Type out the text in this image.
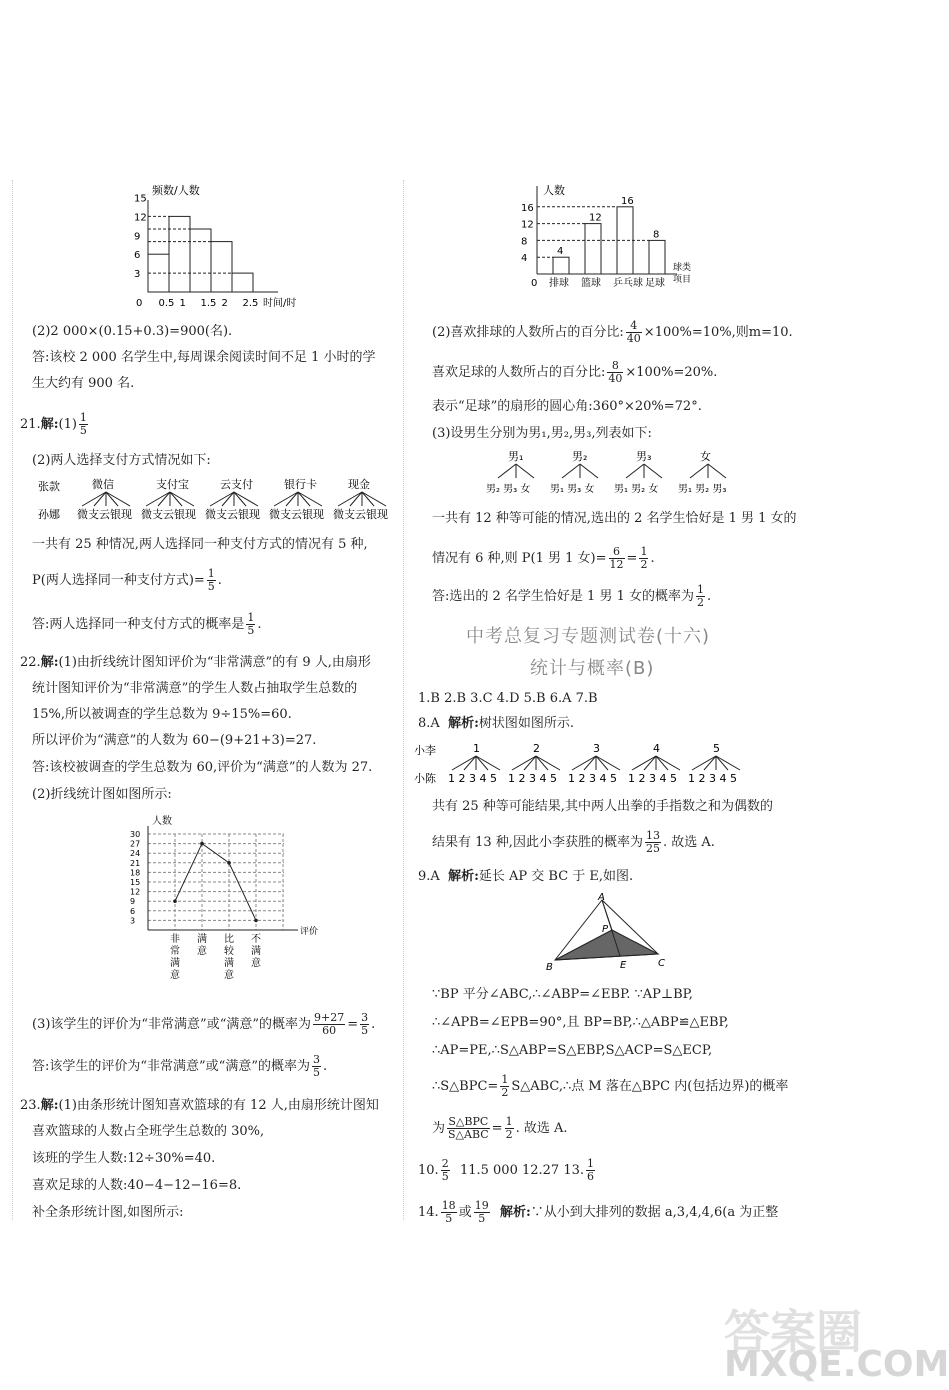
频数/人数
15
12
9
6
3
0 0.5 1 1.5 2 2.5 时间/时
(2)2 000×(0.15+0.3)=900(名).
答:该校 2 000 名学生中,每周课余阅读时间不足 1 小时的学
生大约有 900 名.
21.解:(1) $\frac{1}{5}$
(2)两人选择支付方式情况如下:
张款
孙娜
微信
微支云银现
支付宝
微支云银现
云支付
微支云银现
银行卡
微支云银现
现金
微支云银现
一共有 25 种情况,两人选择同一种支付方式的情况有 5 种,
P(两人选择同一种支付方式)= $\frac{1}{5}$ .
答:两人选择同一种支付方式的概率是 $\frac{1}{5}$ .
22.解:(1)由折线统计图知评价为“非常满意”的有 9 人,由扇形
统计图知评价为“非常满意”的学生人数占抽取学生总数的
15%,所以被调查的学生总数为 9÷15%=60.
所以评价为“满意”的人数为 60−(9+21+3)=27.
答:该校被调查的学生总数为 60,评价为“满意”的人数为 27.
(2)折线统计图如图所示:
人数
30
27
24
21
18
15
12
9
6
3
非常满意
满意
比较满意
不满意
评价
(3)该学生的评价为“非常满意”或“满意”的概率为 $\frac{9+27}{60} = \frac{3}{5}$ .
答:该学生的评价为“非常满意”或“满意”的概率为 $\frac{3}{5}$ .
23.解:(1)由条形统计图知喜欢篮球的有 12 人,由扇形统计图知
喜欢篮球的人数占全班学生总数的 30%,
该班的学生人数:12÷30%=40.
喜欢足球的人数:40−4−12−16=8.
补全条形统计图,如图所示:
人数
0
16
12
8
4
4
排球
12
篮球
16
乒乓球
8
足球
球类
项目
(2)喜欢排球的人数所占的百分比: $\frac{4}{40} \times 100\%=10\%$,则m=10.
喜欢足球的人数所占的百分比: $\frac{8}{40} \times 100\%=20\%$.
表示“足球”的扇形的圆心角:360°×20%=72°.
(3)设男生分别为男₁,男₂,男₃,列表如下:
男₁
男₂ 男₃ 女
男₂
男₁ 男₃ 女
男₃
男₁ 男₂ 女
女
男₁ 男₂ 男₃
一共有 12 种等可能的情况,选出的 2 名学生恰好是 1 男 1 女的
情况有 6 种,则 P(1 男 1 女)= $\frac{6}{12} = \frac{1}{2}$ .
答:选出的 2 名学生恰好是 1 男 1 女的概率为 $\frac{1}{2}$ .
中考总复习专题测试卷(十六)
统计与概率(B)
1.B 2.B 3.C 4.D 5.B 6.A 7.B
8.A 解析:树状图如图所示.
小李
小陈
1
1 2 3 4 5
2
1 2 3 4 5
3
1 2 3 4 5
4
1 2 3 4 5
5
1 2 3 4 5
共有 25 种等可能结果,其中两人出拳的手指数之和为偶数的
结果有 13 种,因此小李获胜的概率为 $\frac{13}{25}$ . 故选 A.
9.A 解析:延长 AP 交 BC 于 E,如图.
A
B	C
P
E
∵BP 平分∠ABC,∴∠ABP=∠EBP. ∵AP⊥BP,
∴∠APB=∠EPB=90°,且 BP=BP,∴△ABP≌△EBP,
∴AP=PE,∴S△ABP=S△EBP,S△ACP=S△ECP,
∴S△BPC= $\frac{1}{2}$ S△ABC,∴点 M 落在△BPC 内(包括边界)的概率
为 $\frac{\text{S△BPC}}{\text{S△ABC}} = \frac{1}{2}$ . 故选 A.
10. $\frac{2}{5} 11.5$ 000 12.27 13. $\frac{1}{6}$
14. $\frac{18}{5}$ 或 $\frac{19}{5}$ 解析:∵从小到大排列的数据 a,3,4,4,6(a 为正整
答案圈
MXQE.COM
